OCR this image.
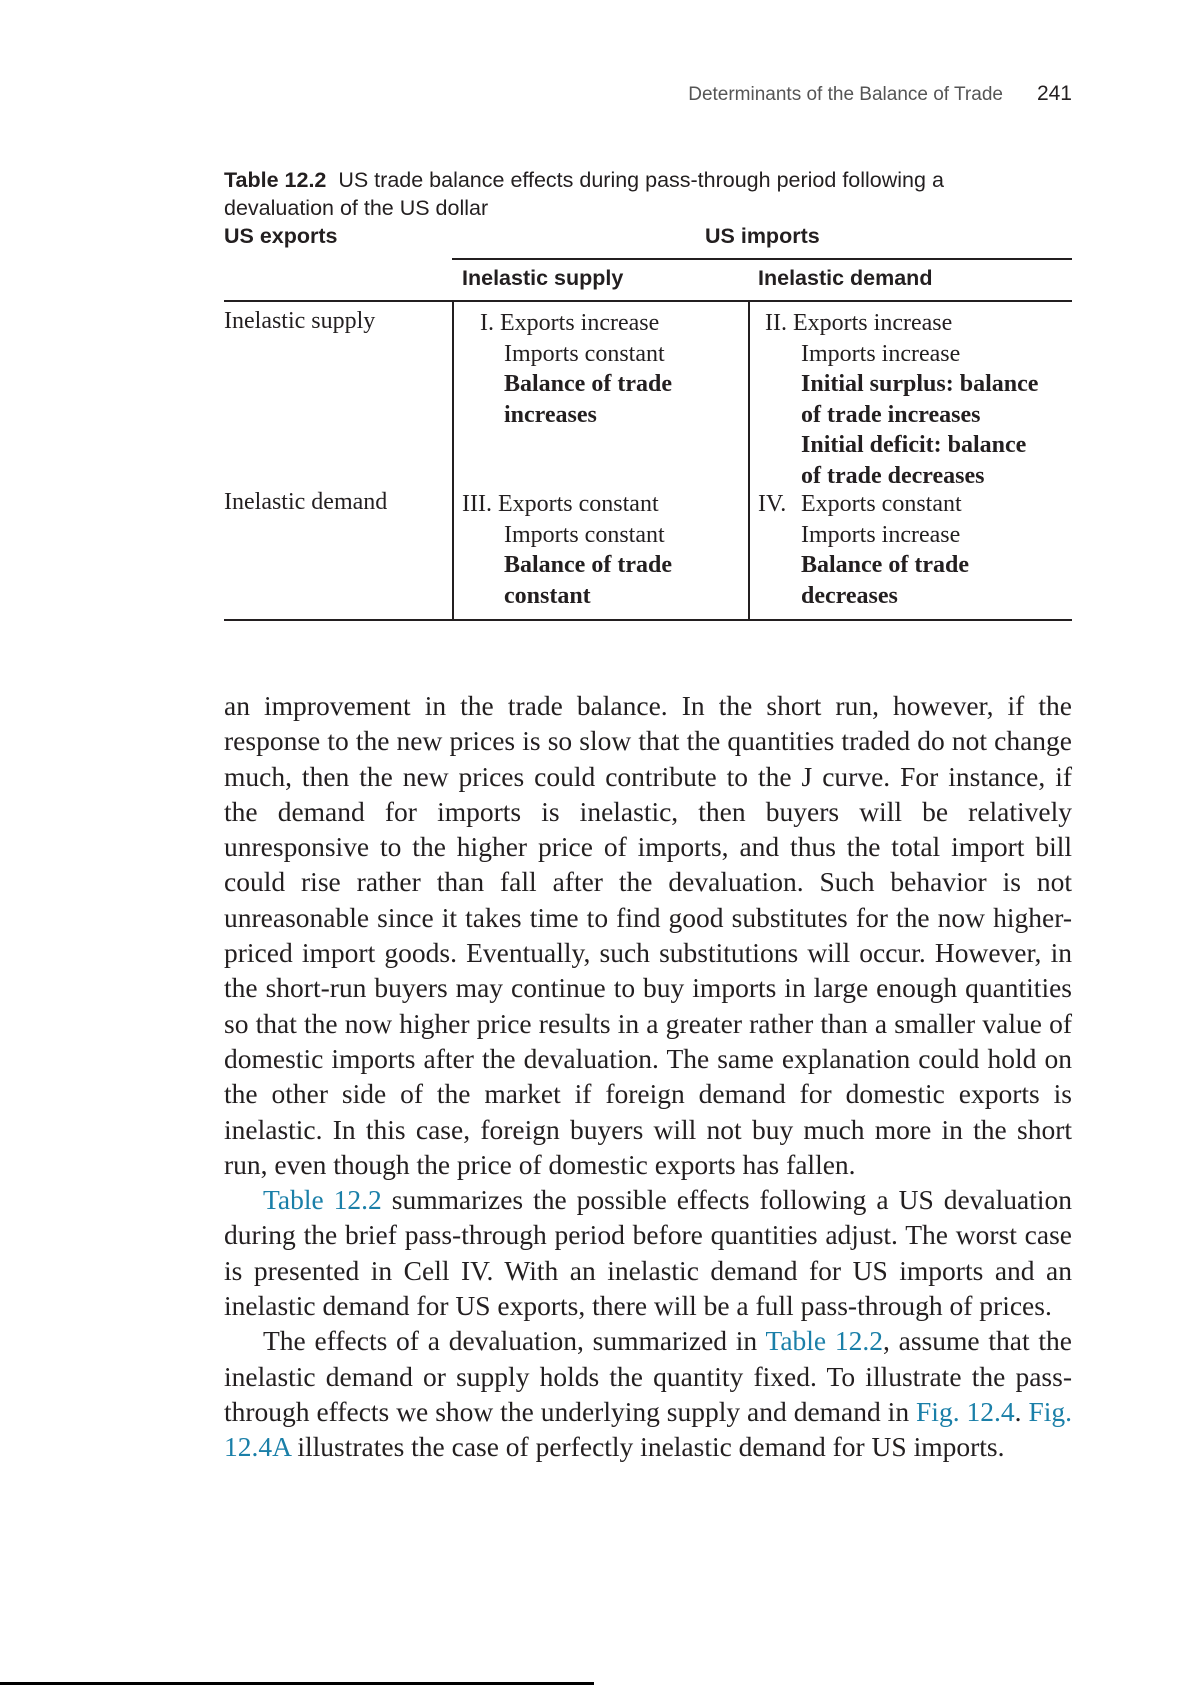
Determinants of the Balance of Trade 241
Table 12.2 US trade balance effects during pass-through period following a devaluation of the US dollar
US exports	US imports
Inelastic supply	Inelastic demand
Inelastic supply
Inelastic demand
I. Exports increase
Imports constant
Balance of trade
increases
II. Exports increase
Imports increase
Initial surplus: balance
of trade increases
Initial deficit: balance
of trade decreases
III. Exports constant
Imports constant
Balance of trade
constant
IV. Exports constant
Imports increase
Balance of trade
decreases

an improvement in the trade balance. In the short run, however, if the response to the new prices is so slow that the quantities traded do not change much, then the new prices could contribute to the J curve. For instance, if the demand for imports is inelastic, then buyers will be relatively unresponsive to the higher price of imports, and thus the total import bill could rise rather than fall after the devaluation. Such behavior is not unreasonable since it takes time to find good substitutes for the now higher-priced import goods. Eventually, such substitutions will occur. However, in the short-run buyers may continue to buy imports in large enough quantities so that the now higher price results in a greater rather than a smaller value of domestic imports after the devaluation. The same explanation could hold on the other side of the market if foreign demand for domestic exports is inelastic. In this case, foreign buyers will not buy much more in the short run, even though the price of domestic exports has fallen.

Table 12.2 summarizes the possible effects following a US devaluation during the brief pass-through period before quantities adjust. The worst case is presented in Cell IV. With an inelastic demand for US imports and an inelastic demand for US exports, there will be a full pass-through of prices.

The effects of a devaluation, summarized in Table 12.2, assume that the inelastic demand or supply holds the quantity fixed. To illustrate the pass-through effects we show the underlying supply and demand in Fig. 12.4. Fig. 12.4A illustrates the case of perfectly inelastic demand for US imports.
